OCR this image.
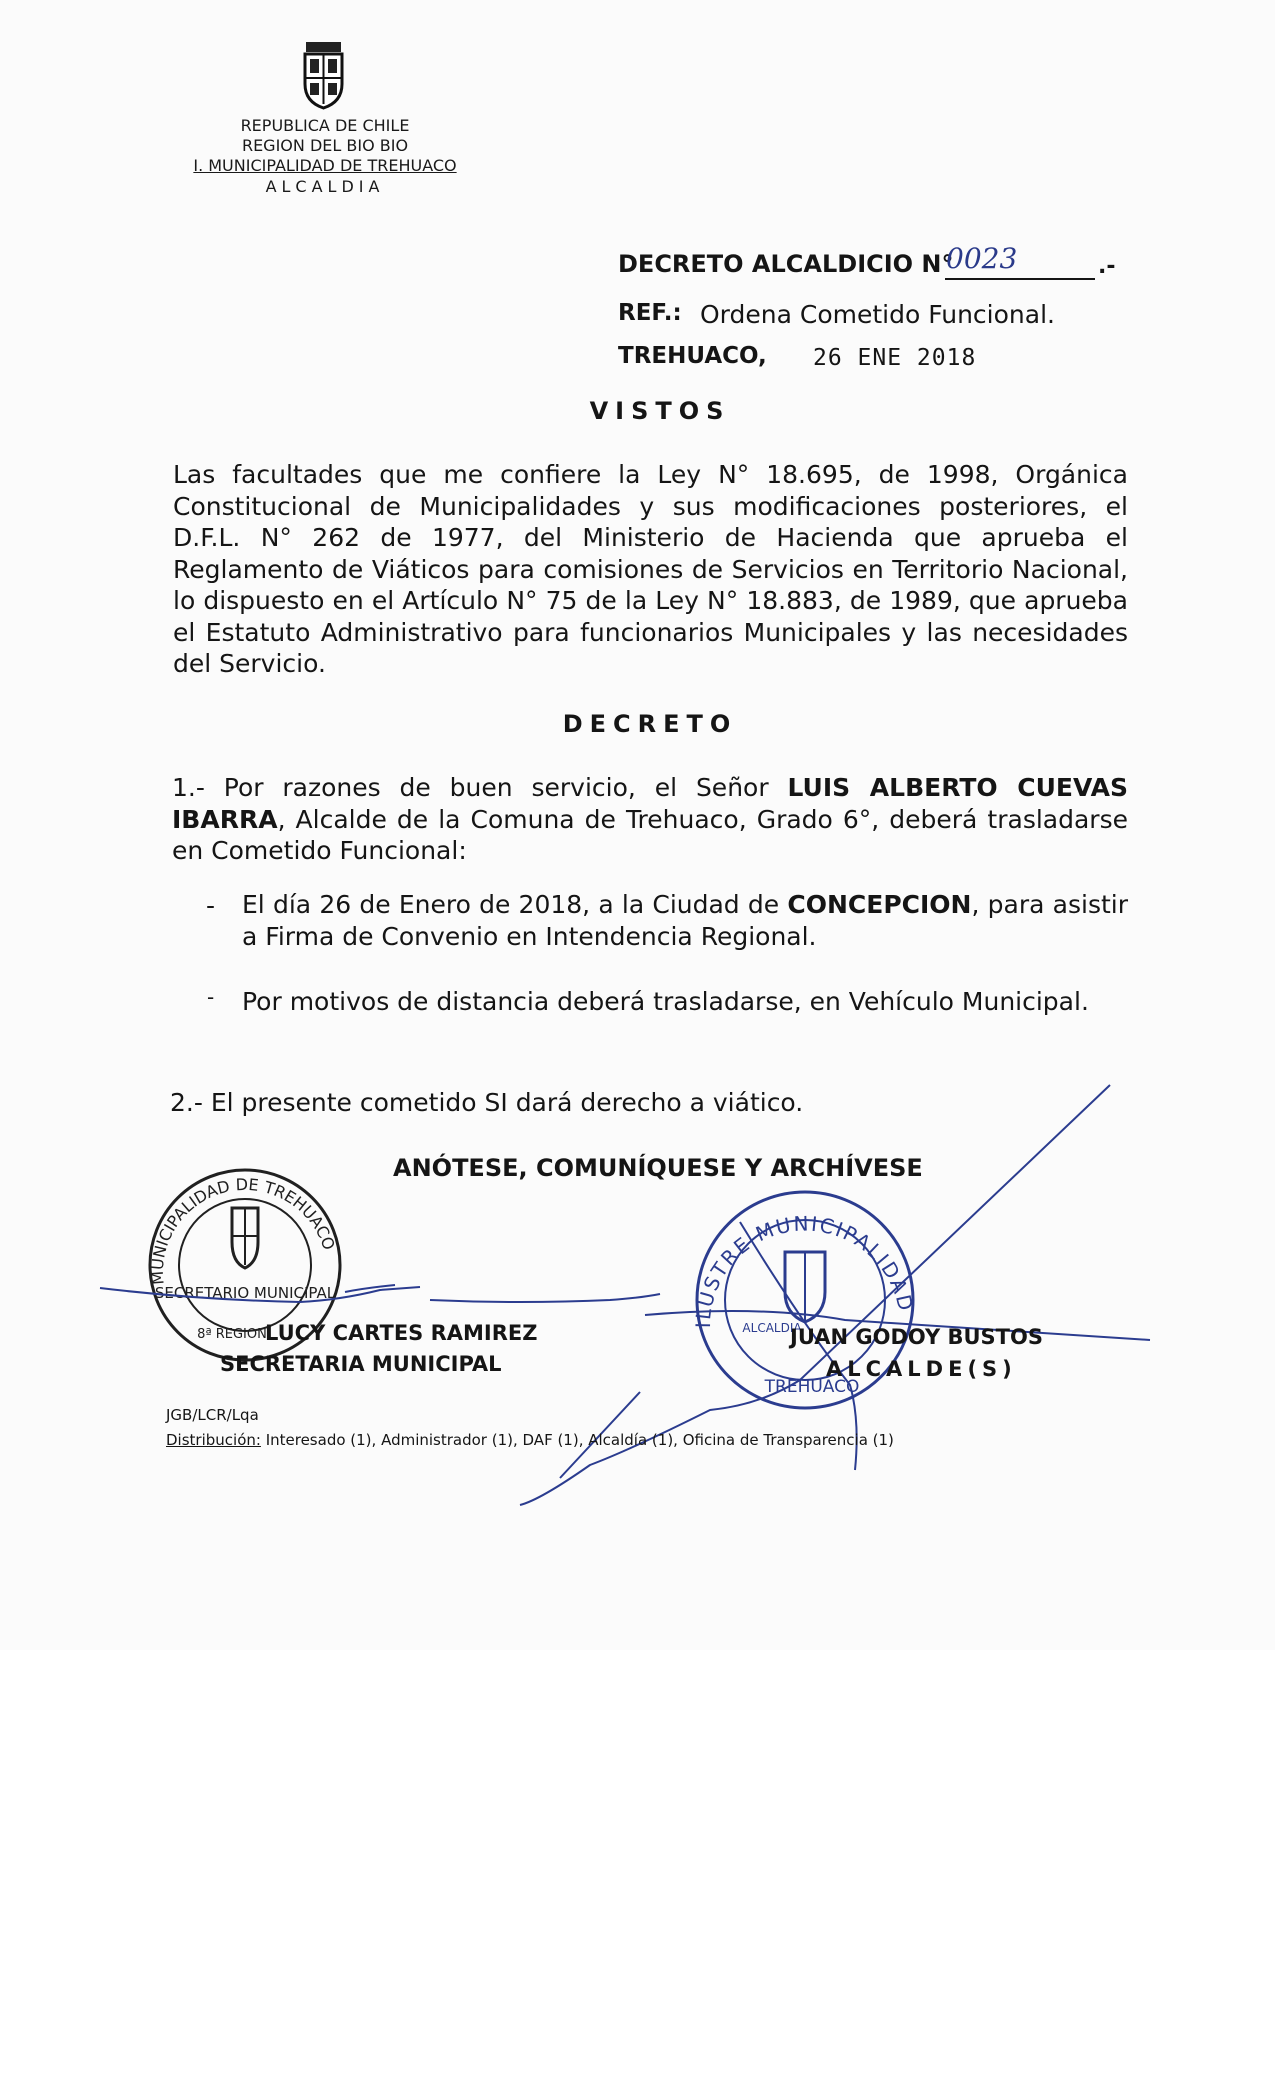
REPUBLICA DE CHILE
REGION DEL BIO BIO
I. MUNICIPALIDAD DE TREHUACO
ALCALDIA
DECRETO ALCALDICIO N°
0023	.-
REF.: Ordena Cometido Funcional.
TREHUACO, 26 ENE 2018
VISTOS
Las facultades que me confiere la Ley N° 18.695, de 1998, Orgánica Constitucional de Municipalidades y sus modificaciones posteriores, el D.F.L. N° 262 de 1977, del Ministerio de Hacienda que aprueba el Reglamento de Viáticos para comisiones de Servicios en Territorio Nacional, lo dispuesto en el Artículo N° 75 de la Ley N° 18.883, de 1989, que aprueba el Estatuto Administrativo para funcionarios Municipales y las necesidades del Servicio.
DECRETO
1.- Por razones de buen servicio, el Señor LUIS ALBERTO CUEVAS IBARRA, Alcalde de la Comuna de Trehuaco, Grado 6°, deberá trasladarse en Cometido Funcional:
- El día 26 de Enero de 2018, a la Ciudad de CONCEPCION, para asistir a Firma de Convenio en Intendencia Regional.
- Por motivos de distancia deberá trasladarse, en Vehículo Municipal.
2.- El presente cometido SI dará derecho a viático.
ANÓTESE, COMUNÍQUESE Y ARCHÍVESE
MUNICIPALIDAD DE TREHUACO
SECRETARIO MUNICIPAL
8ª REGION
ILUSTRE MUNICIPALIDAD
TREHUACO
ALCALDIA
LUCY CARTES RAMIREZ
SECRETARIA MUNICIPAL
JUAN GODOY BUSTOS
ALCALDE(S)
JGB/LCR/Lqa
Distribución: Interesado (1), Administrador (1), DAF (1), Alcaldía (1), Oficina de Transparencia (1)
